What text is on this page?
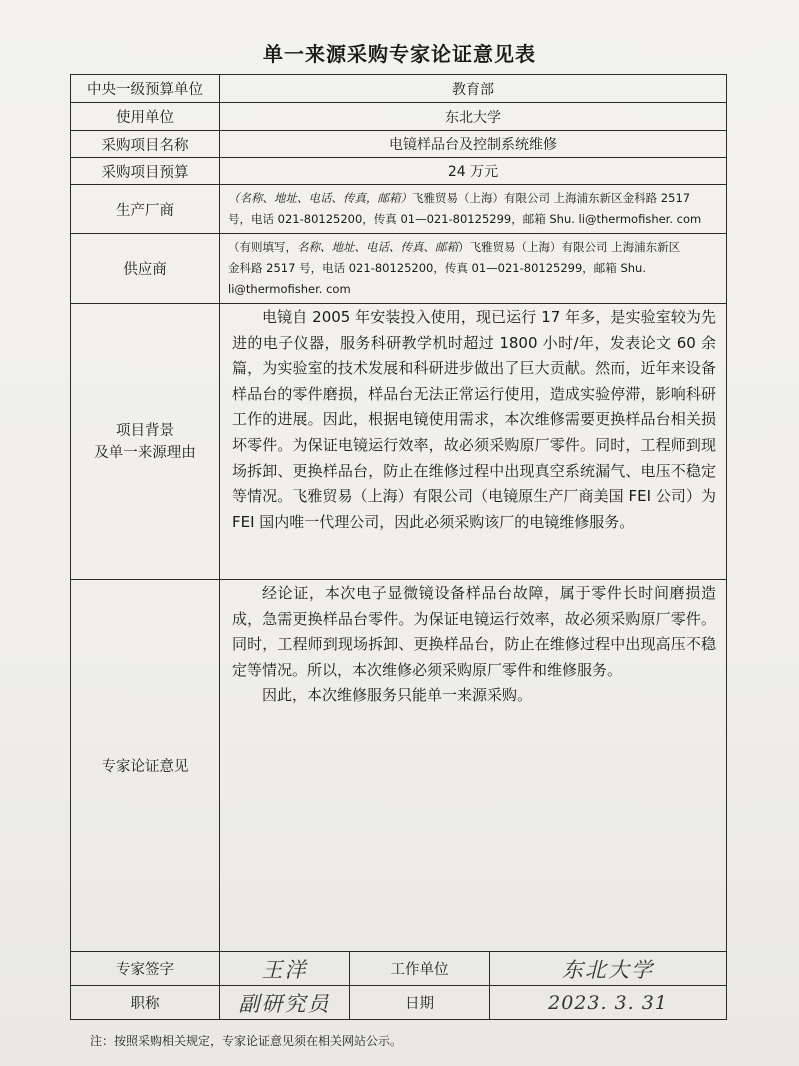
单一来源采购专家论证意见表
中央一级预算单位	教育部		
使用单位	东北大学		
采购项目名称	电镜样品台及控制系统维修		
采购项目预算	24 万元		
生产厂商	（名称、地址、电话、传真，邮箱）飞雅贸易（上海）有限公司 上海浦东新区金科路 2517
号，电话 021-80125200，传真 01—021-80125299，邮箱 Shu. li@thermofisher. com		
供应商	（有则填写，名称、地址、电话、传真、邮箱）飞雅贸易（上海）有限公司 上海浦东新区
金科路 2517 号，电话 021-80125200，传真 01—021-80125299，邮箱 Shu. li@thermofisher. com		
项目背景
及单一来源理由	电镜自 2005 年安装投入使用，现已运行 17 年多，是实验室较为先进的电子仪器，服务科研教学机时超过 1800 小时/年，发表论文 60 余篇，为实验室的技术发展和科研进步做出了巨大贡献。然而，近年来设备样品台的零件磨损，样品台无法正常运行使用，造成实验停滞，影响科研工作的进展。因此，根据电镜使用需求，本次维修需要更换样品台相关损坏零件。为保证电镜运行效率，故必须采购原厂零件。同时，工程师到现场拆卸、更换样品台，防止在维修过程中出现真空系统漏气、电压不稳定等情况。飞雅贸易（上海）有限公司（电镜原生产厂商美国 FEI 公司）为 FEI 国内唯一代理公司，因此必须采购该厂的电镜维修服务。		

专家论证意见	经论证，本次电子显微镜设备样品台故障，属于零件长时间磨损造成，急需更换样品台零件。为保证电镜运行效率，故必须采购原厂零件。同时，工程师到现场拆卸、更换样品台，防止在维修过程中出现高压不稳定等情况。所以，本次维修必须采购原厂零件和维修服务。

因此，本次维修服务只能单一来源采购。		

专家签字	王洋	工作单位	东北大学
职称	副研究员	日期	2023. 3. 31
注：按照采购相关规定，专家论证意见须在相关网站公示。
